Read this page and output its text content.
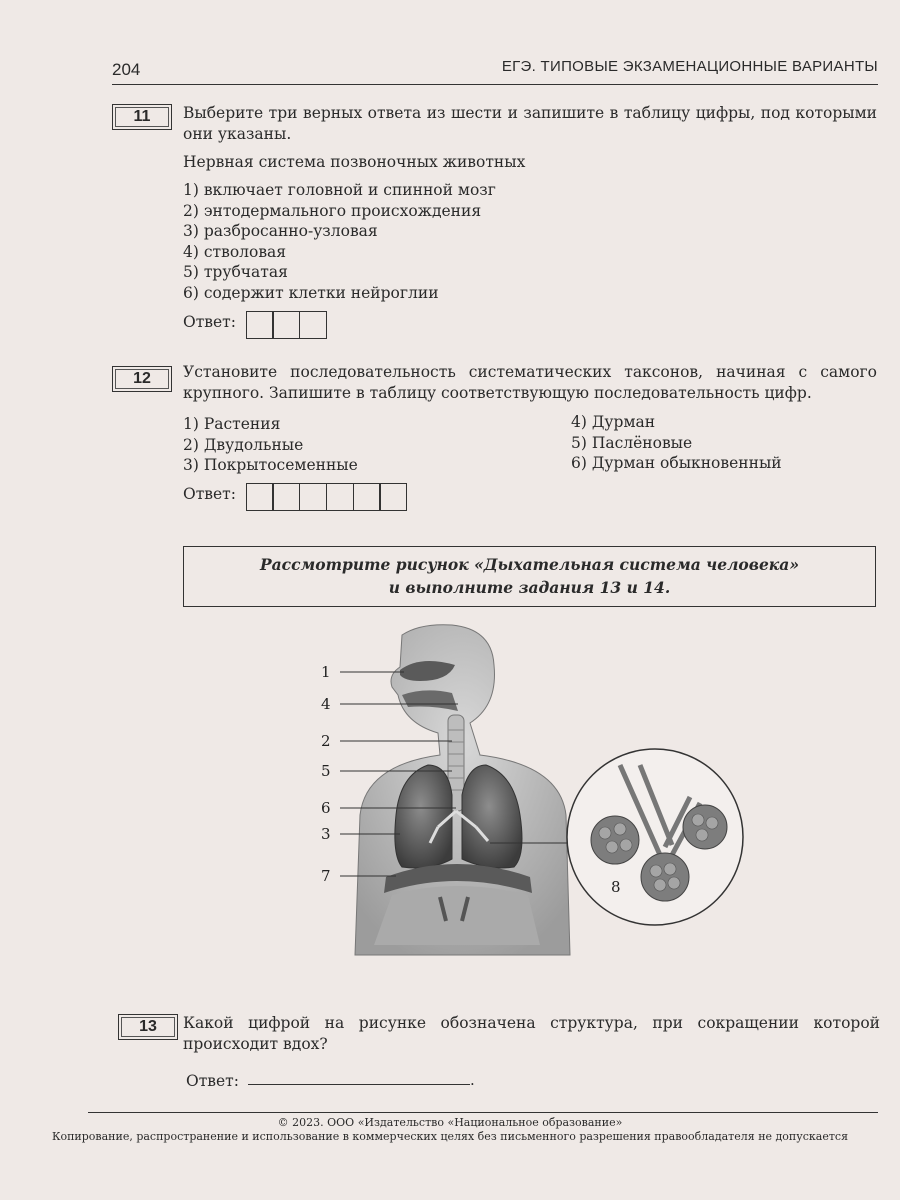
204	ЕГЭ. ТИПОВЫЕ ЭКЗАМЕНАЦИОННЫЕ ВАРИАНТЫ
11	Выберите три верных ответа из шести и запишите в таблицу цифры, под которыми они указаны.
Нервная система позвоночных животных
1) включает головной и спинной мозг
2) энтодермального происхождения
3) разбросанно-узловая
4) стволовая
5) трубчатая
6) содержит клетки нейроглии
Ответ:
12	Установите последовательность систематических таксонов, начиная с самого крупного. Запишите в таблицу соответствующую последовательность цифр.
1) Растения
2) Двудольные
3) Покрытосеменные
4) Дурман
5) Паслёновые
6) Дурман обыкновенный
Ответ:
Рассмотрите рисунок «Дыхательная система человека»
и выполните задания 13 и 14.
1
4
2
5
6
3
7
8
13	Какой цифрой на рисунке обозначена структура, при сокращении которой происходит вдох?
Ответ:	.
© 2023. ООО «Издательство «Национальное образование»
Копирование, распространение и использование в коммерческих целях без письменного разрешения правообладателя не допускается
